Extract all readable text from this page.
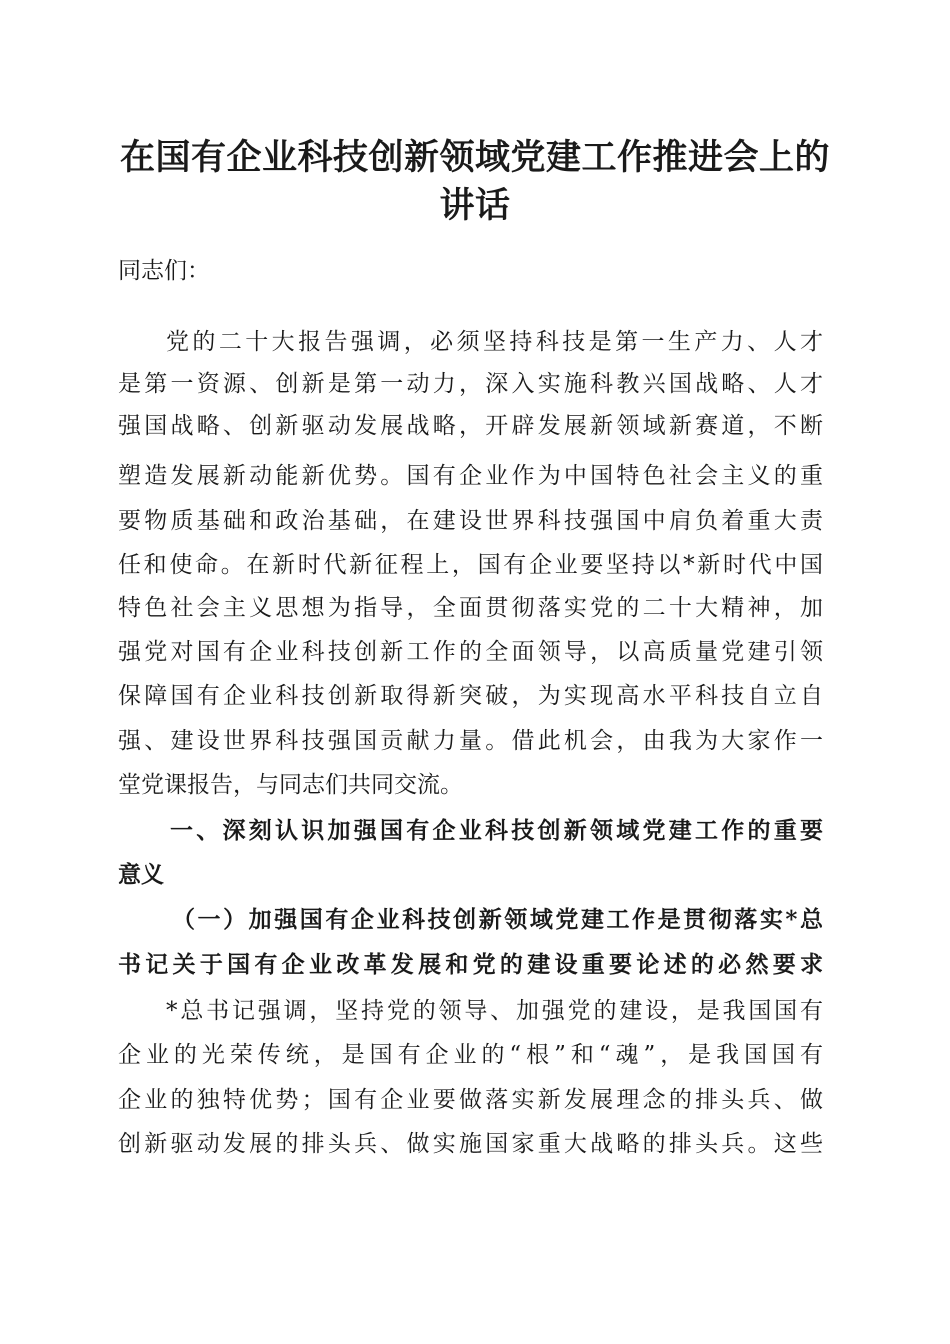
在国有企业科技创新领域党建工作推进会上的
讲话

同志们：

党的二十大报告强调，必须坚持科技是第一生产力、人才

是第一资源、创新是第一动力，深入实施科教兴国战略、人才

强国战略、创新驱动发展战略，开辟发展新领域新赛道，不断

塑造发展新动能新优势。国有企业作为中国特色社会主义的重

要物质基础和政治基础，在建设世界科技强国中肩负着重大责

任和使命。在新时代新征程上，国有企业要坚持以*新时代中国

特色社会主义思想为指导，全面贯彻落实党的二十大精神，加

强党对国有企业科技创新工作的全面领导，以高质量党建引领

保障国有企业科技创新取得新突破，为实现高水平科技自立自

强、建设世界科技强国贡献力量。借此机会，由我为大家作一

堂党课报告，与同志们共同交流。

一、深刻认识加强国有企业科技创新领域党建工作的重要

意义

（一）加强国有企业科技创新领域党建工作是贯彻落实*总

书记关于国有企业改革发展和党的建设重要论述的必然要求

*总书记强调，坚持党的领导、加强党的建设，是我国国有

企业的光荣传统，是国有企业的“根”和“魂”，是我国国有

企业的独特优势；国有企业要做落实新发展理念的排头兵、做

创新驱动发展的排头兵、做实施国家重大战略的排头兵。这些
